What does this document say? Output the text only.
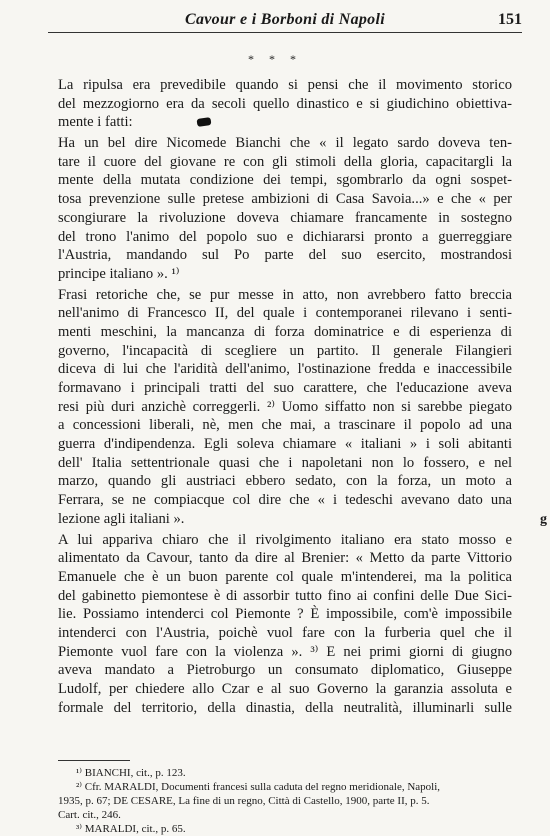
Cavour e i Borboni di Napoli	151
* * *
La ripulsa era prevedibile quando si pensi che il movimento storico
del mezzogiorno era da secoli quello dinastico e si giudichino obiettiva-
mente i fatti:
Ha un bel dire Nicomede Bianchi che « il legato sardo doveva ten-
tare il cuore del giovane re con gli stimoli della gloria, capacitargli la
mente della mutata condizione dei tempi, sgombrarlo da ogni sospet-
tosa prevenzione sulle pretese ambizioni di Casa Savoia...» e che « per
scongiurare la rivoluzione doveva chiamare francamente in sostegno
del trono l'animo del popolo suo e dichiararsi pronto a guerreggiare
l'Austria, mandando sul Po parte del suo esercito, mostrandosi
principe italiano ». ¹⁾
Frasi retoriche che, se pur messe in atto, non avrebbero fatto breccia
nell'animo di Francesco II, del quale i contemporanei rilevano i senti-
menti meschini, la mancanza di forza dominatrice e di esperienza di
governo, l'incapacità di scegliere un partito. Il generale Filangieri
diceva di lui che l'aridità dell'animo, l'ostinazione fredda e inaccessibile
formavano i principali tratti del suo carattere, che l'educazione aveva
resi più duri anzichè correggerli. ²⁾ Uomo siffatto non si sarebbe piegato
a concessioni liberali, nè, men che mai, a trascinare il popolo ad una
guerra d'indipendenza. Egli soleva chiamare « italiani » i soli abitanti
dell' Italia settentrionale quasi che i napoletani non lo fossero, e nel
marzo, quando gli austriaci ebbero sedato, con la forza, un moto a
Ferrara, se ne compiacque col dire che « i tedeschi avevano dato una
lezione agli italiani ».
A lui appariva chiaro che il rivolgimento italiano era stato mosso e
alimentato da Cavour, tanto da dire al Brenier: « Metto da parte Vittorio
Emanuele che è un buon parente col quale m'intenderei, ma la politica
del gabinetto piemontese è di assorbir tutto fino ai confini delle Due Sici-
lie. Possiamo intenderci col Piemonte ? È impossibile, com'è impossibile
intenderci con l'Austria, poichè vuol fare con la furberia quel che il
Piemonte vuol fare con la violenza ». ³⁾ E nei primi giorni di giugno
aveva mandato a Pietroburgo un consumato diplomatico, Giuseppe
Ludolf, per chiedere allo Czar e al suo Governo la garanzia assoluta e
formale del territorio, della dinastia, della neutralità, illuminarli sulle
¹⁾ BIANCHI, cit., p. 123.
²⁾ Cfr. MARALDI, Documenti francesi sulla caduta del regno meridionale, Napoli,
1935, p. 67; DE CESARE, La fine di un regno, Città di Castello, 1900, parte II, p. 5.
Cart. cit., 246.
³⁾ MARALDI, cit., p. 65.
g
